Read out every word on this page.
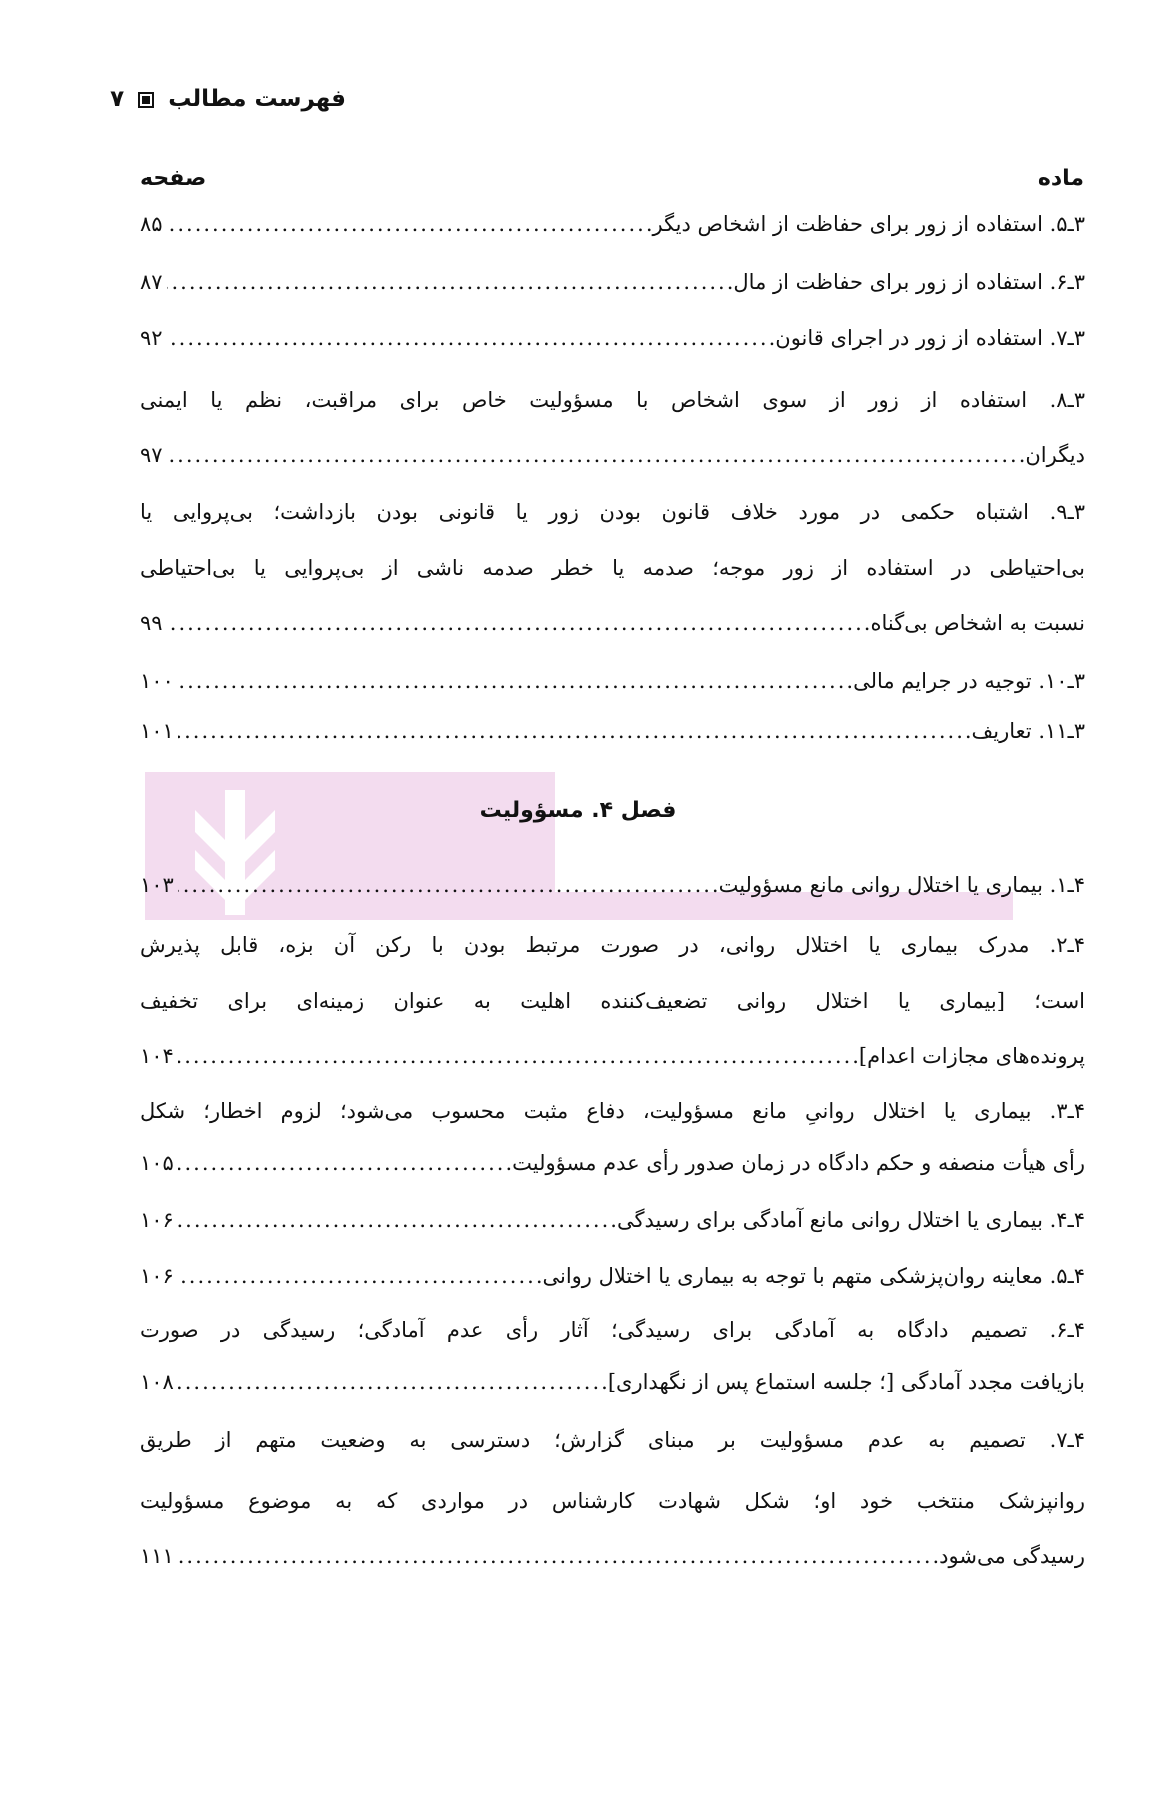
فهرست مطالب
۷
ماده
صفحه
فصل ۴. مسؤولیت
۳ـ۵. استفاده از زور برای حفاظت از اشخاص دیگر.
.....
۸۵
۳ـ۶. استفاده از زور برای حفاظت از مال.
.....
۸۷
۳ـ۷. استفاده از زور در اجرای قانون.
.....
۹۲
۳ـ۸. استفاده از زور از سوی اشخاص با مسؤولیت خاص برای مراقبت، نظم یا ایمنی
دیگران.
.....
۹۷
۳ـ۹. اشتباه حکمی در مورد خلاف قانون بودن زور یا قانونی بودن بازداشت؛ بی‌پروایی یا
بی‌احتیاطی در استفاده از زور موجه؛ صدمه یا خطر صدمه ناشی از بی‌پروایی یا بی‌احتیاطی
نسبت به اشخاص بی‌گناه.
.....
۹۹
۳ـ۱۰. توجیه در جرایم مالی.
.....
۱۰۰
۳ـ۱۱. تعاریف.
.....
۱۰۱
۴ـ۱. بیماری یا اختلال روانی مانع مسؤولیت.
.....
۱۰۳
۴ـ۲. مدرک بیماری یا اختلال روانی، در صورت مرتبط بودن با رکن آن بزه، قابل پذیرش
است؛ [بیماری یا اختلال روانی تضعیف‌کننده اهلیت به عنوان زمینه‌ای برای تخفیف
پرونده‌های مجازات اعدام].
.....
۱۰۴
۴ـ۳. بیماری یا اختلال روانیِ مانع مسؤولیت، دفاع مثبت محسوب می‌شود؛ لزوم اخطار؛ شکل
رأی هیأت منصفه و حکم دادگاه در زمان صدور رأی عدم مسؤولیت.
.....
۱۰۵
۴ـ۴. بیماری یا اختلال روانی مانع آمادگی برای رسیدگی.
.....
۱۰۶
۴ـ۵. معاینه روان‌پزشکی متهم با توجه به بیماری یا اختلال روانی.
.....
۱۰۶
۴ـ۶. تصمیم دادگاه به آمادگی برای رسیدگی؛ آثار رأی عدم آمادگی؛ رسیدگی در صورت
بازیافت مجدد آمادگی [؛ جلسه استماع پس از نگهداری].
.....
۱۰۸
۴ـ۷. تصمیم به عدم مسؤولیت بر مبنای گزارش؛ دسترسی به وضعیت متهم از طریق
روانپزشک منتخب خود او؛ شکل شهادت کارشناس در مواردی که به موضوع مسؤولیت
رسیدگی می‌شود.
.....
۱۱۱
